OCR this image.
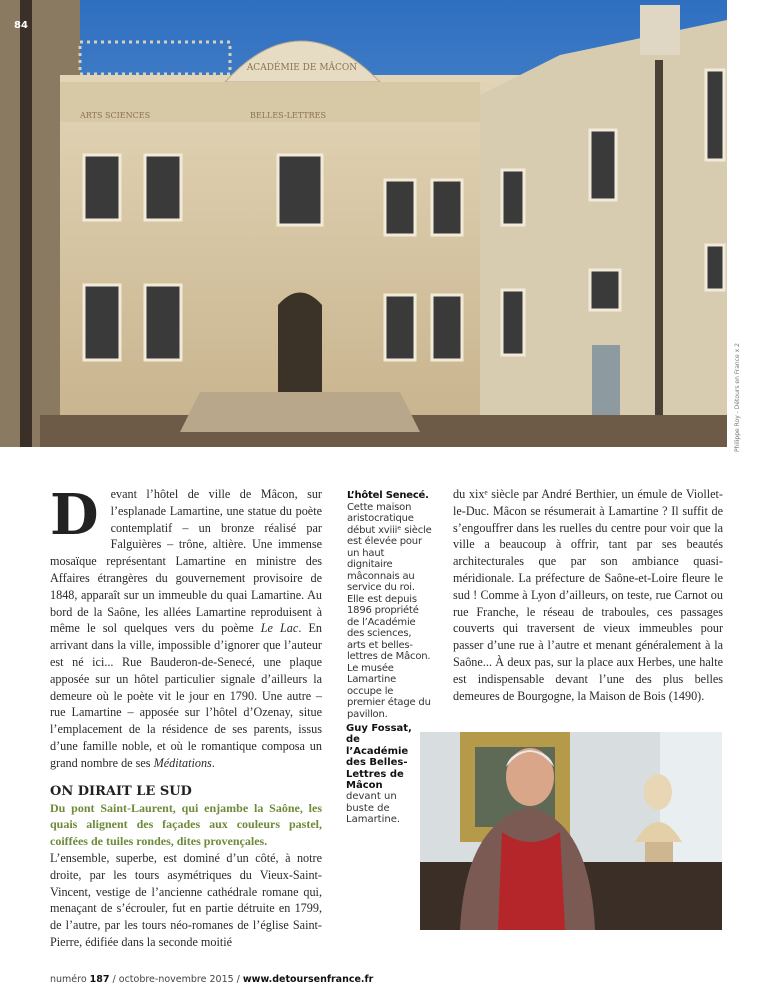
ACADÉMIE DE MÂCON
ARTS SCIENCES	BELLES-LETTRES
84
Philippe Roy - Détours en France x 2
Devant l’hôtel de ville de Mâcon, sur l’esplanade Lamartine, une statue du poète contemplatif – un bronze réalisé par Falguières – trône, altière. Une immense mosaïque représentant Lamartine en ministre des Affaires étrangères du gouvernement provisoire de 1848, apparaît sur un immeuble du quai Lamartine. Au bord de la Saône, les allées Lamartine reproduisent à même le sol quelques vers du poème Le Lac. En arrivant dans la ville, impossible d’ignorer que l’auteur est né ici... Rue Bauderon-de-Senecé, une plaque apposée sur un hôtel particulier signale d’ailleurs la demeure où le poète vit le jour en 1790. Une autre – rue Lamartine – apposée sur l’hôtel d’Ozenay, situe l’emplacement de la résidence de ses parents, issus d’une famille noble, et où le romantique composa un grand nombre de ses Méditations.
ON DIRAIT LE SUD
Du pont Saint-Laurent, qui enjambe la Saône, les quais alignent des façades aux couleurs pastel, coiffées de tuiles rondes, dites provençales.
L’ensemble, superbe, est dominé d’un côté, à notre droite, par les tours asymétriques du Vieux-Saint-Vincent, vestige de l’ancienne cathédrale romane qui, menaçant de s’écrouler, fut en partie détruite en 1799, de l’autre, par les tours néo-romanes de l’église Saint-Pierre, édifiée dans la seconde moitié
L’hôtel Senecé.
Cette maison aristocratique début xviiiᵉ siècle est élevée pour un haut dignitaire mâconnais au service du roi. Elle est depuis 1896 propriété de l’Académie des sciences, arts et belles-lettres de Mâcon. Le musée Lamartine occupe le premier étage du pavillon.
du xixᵉ siècle par André Berthier, un émule de Viollet-le-Duc. Mâcon se résumerait à Lamartine ? Il suffit de s’engouffrer dans les ruelles du centre pour voir que la ville a beaucoup à offrir, tant par ses beautés architecturales que par son ambiance quasi-méridionale. La préfecture de Saône-et-Loire fleure le sud ! Comme à Lyon d’ailleurs, on teste, rue Carnot ou rue Franche, le réseau de traboules, ces passages couverts qui traversent de vieux immeubles pour passer d’une rue à l’autre et menant généralement à la Saône... À deux pas, sur la place aux Herbes, une halte est indispensable devant l’une des plus belles demeures de Bourgogne, la Maison de Bois (1490).
Guy Fossat, de l’Académie des Belles-Lettres de Mâcon
devant un buste de Lamartine.
numéro 187 / octobre-novembre 2015 / www.detoursenfrance.fr
